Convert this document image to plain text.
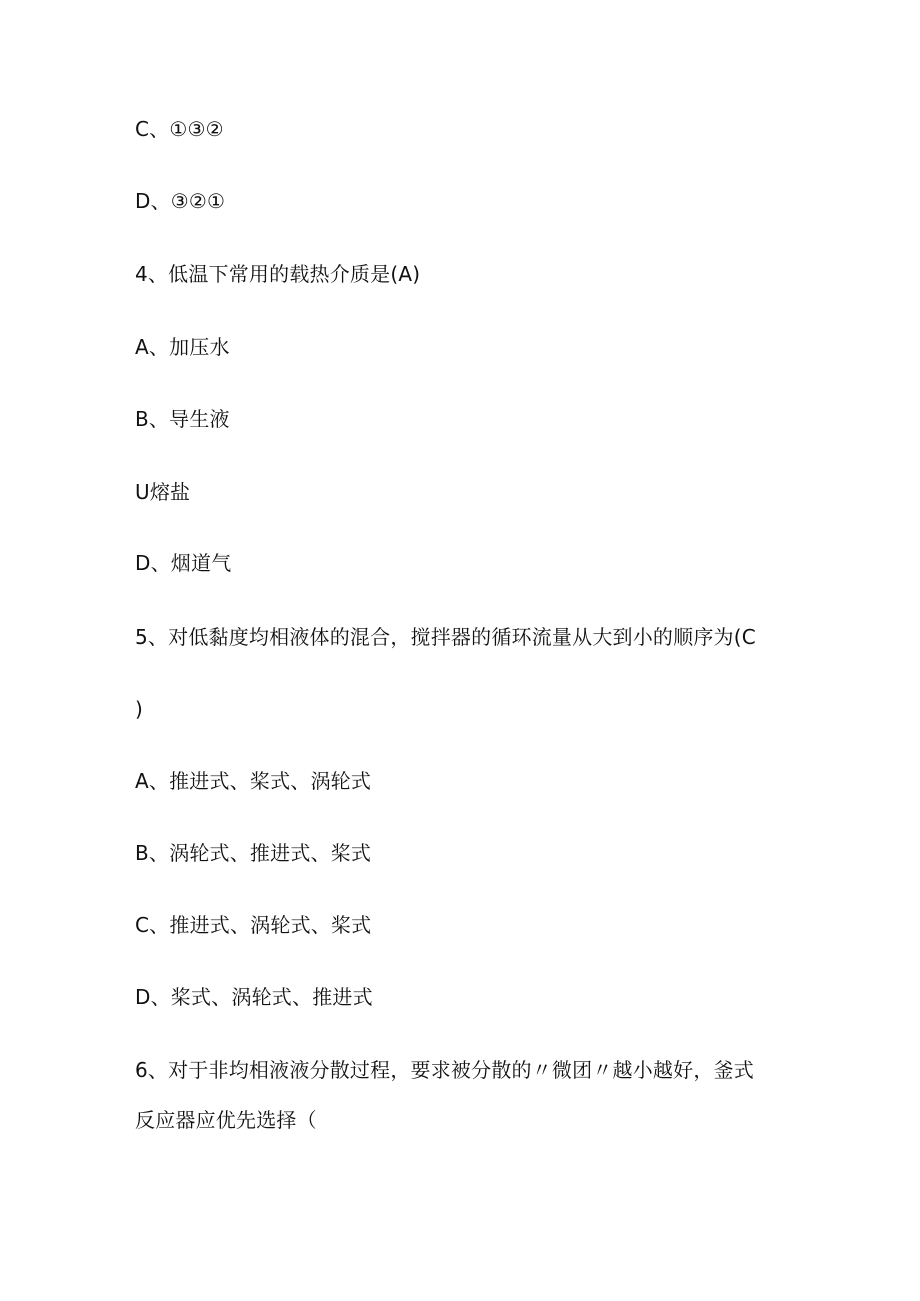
C、①③②
D、③②①
4、低温下常用的载热介质是(A)
A、加压水
B、导生液
U熔盐
D、烟道气
5、对低黏度均相液体的混合，搅拌器的循环流量从大到小的顺序为(C
)
A、推进式、桨式、涡轮式
B、涡轮式、推进式、桨式
C、推进式、涡轮式、桨式
D、桨式、涡轮式、推进式
6、对于非均相液液分散过程，要求被分散的〃微团〃越小越好，釜式
反应器应优先选择（
